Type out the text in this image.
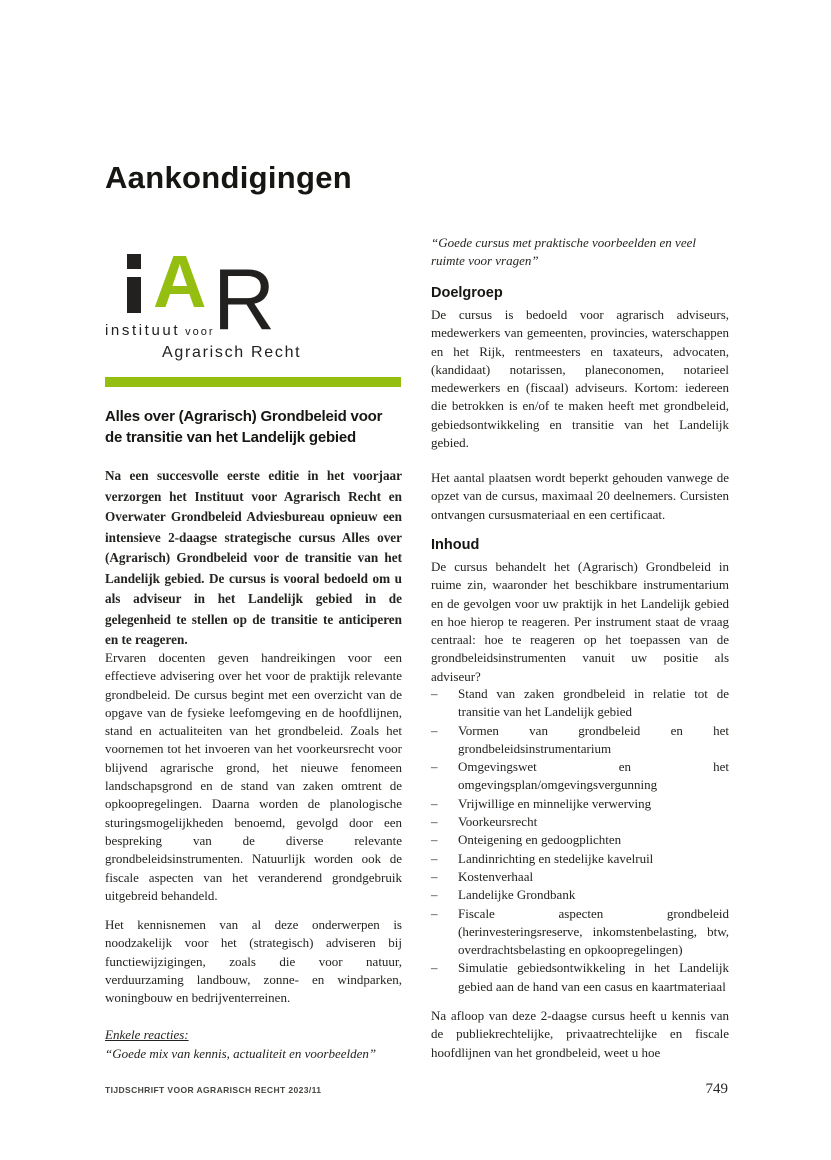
Aankondigingen
A R
instituut voor
Agrarisch Recht
Alles over (Agrarisch) Grondbeleid voor
de transitie van het Landelijk gebied
Na een succesvolle eerste editie in het voorjaar verzorgen het Instituut voor Agrarisch Recht en Overwater Grondbeleid Adviesbureau opnieuw een intensieve 2-daagse strategische cursus Alles over (Agrarisch) Grondbeleid voor de transitie van het Landelijk gebied. De cursus is vooral bedoeld om u als adviseur in het Landelijk gebied in de gelegenheid te stellen op de transitie te anticiperen en te reageren.
Ervaren docenten geven handreikingen voor een effectieve advisering over het voor de praktijk relevante grondbeleid. De cursus begint met een overzicht van de opgave van de fysieke leefomgeving en de hoofdlijnen, stand en actualiteiten van het grondbeleid. Zoals het voornemen tot het invoeren van het voorkeursrecht voor blijvend agrarische grond, het nieuwe fenomeen landschapsgrond en de stand van zaken omtrent de opkoopregelingen. Daarna worden de planologische sturingsmogelijkheden benoemd, gevolgd door een bespreking van de diverse relevante grondbeleidsinstrumenten. Natuurlijk worden ook de fiscale aspecten van het veranderend grondgebruik uitgebreid behandeld.
Het kennisnemen van al deze onderwerpen is noodzakelijk voor het (strategisch) adviseren bij functiewijzigingen, zoals die voor natuur, verduurzaming landbouw, zonne- en windparken, woningbouw en bedrijventerreinen.
Enkele reacties:
“Goede mix van kennis, actualiteit en voorbeelden”
“Goede cursus met praktische voorbeelden en veel ruimte voor vragen”
Doelgroep
De cursus is bedoeld voor agrarisch adviseurs, medewerkers van gemeenten, provincies, waterschappen en het Rijk, rentmeesters en taxateurs, advocaten, (kandidaat) notarissen, planeconomen, notarieel medewerkers en (fiscaal) adviseurs. Kortom: iedereen die betrokken is en/of te maken heeft met grondbeleid, gebiedsontwikkeling en transitie van het Landelijk gebied.
Het aantal plaatsen wordt beperkt gehouden vanwege de opzet van de cursus, maximaal 20 deelnemers. Cursisten ontvangen cursusmateriaal en een certificaat.
Inhoud
De cursus behandelt het (Agrarisch) Grondbeleid in ruime zin, waaronder het beschikbare instrumentarium en de gevolgen voor uw praktijk in het Landelijk gebied en hoe hierop te reageren. Per instrument staat de vraag centraal: hoe te reageren op het toepassen van de grondbeleidsinstrumenten vanuit uw positie als adviseur?
–	Stand van zaken grondbeleid in relatie tot de transitie van het Landelijk gebied
–	Vormen van grondbeleid en het grondbeleidsinstrumentarium
–	Omgevingswet en het omgevingsplan/omgevingsvergunning
–	Vrijwillige en minnelijke verwerving
–	Voorkeursrecht
–	Onteigening en gedoogplichten
–	Landinrichting en stedelijke kavelruil
–	Kostenverhaal
–	Landelijke Grondbank
–	Fiscale aspecten grondbeleid (herinvesteringsreserve, inkomstenbelasting, btw, overdrachtsbelasting en opkoopregelingen)
–	Simulatie gebiedsontwikkeling in het Landelijk gebied aan de hand van een casus en kaartmateriaal
Na afloop van deze 2-daagse cursus heeft u kennis van de publiekrechtelijke, privaatrechtelijke en fiscale hoofdlijnen van het grondbeleid, weet u hoe
TIJDSCHRIFT VOOR AGRARISCH RECHT 2023/11	749
